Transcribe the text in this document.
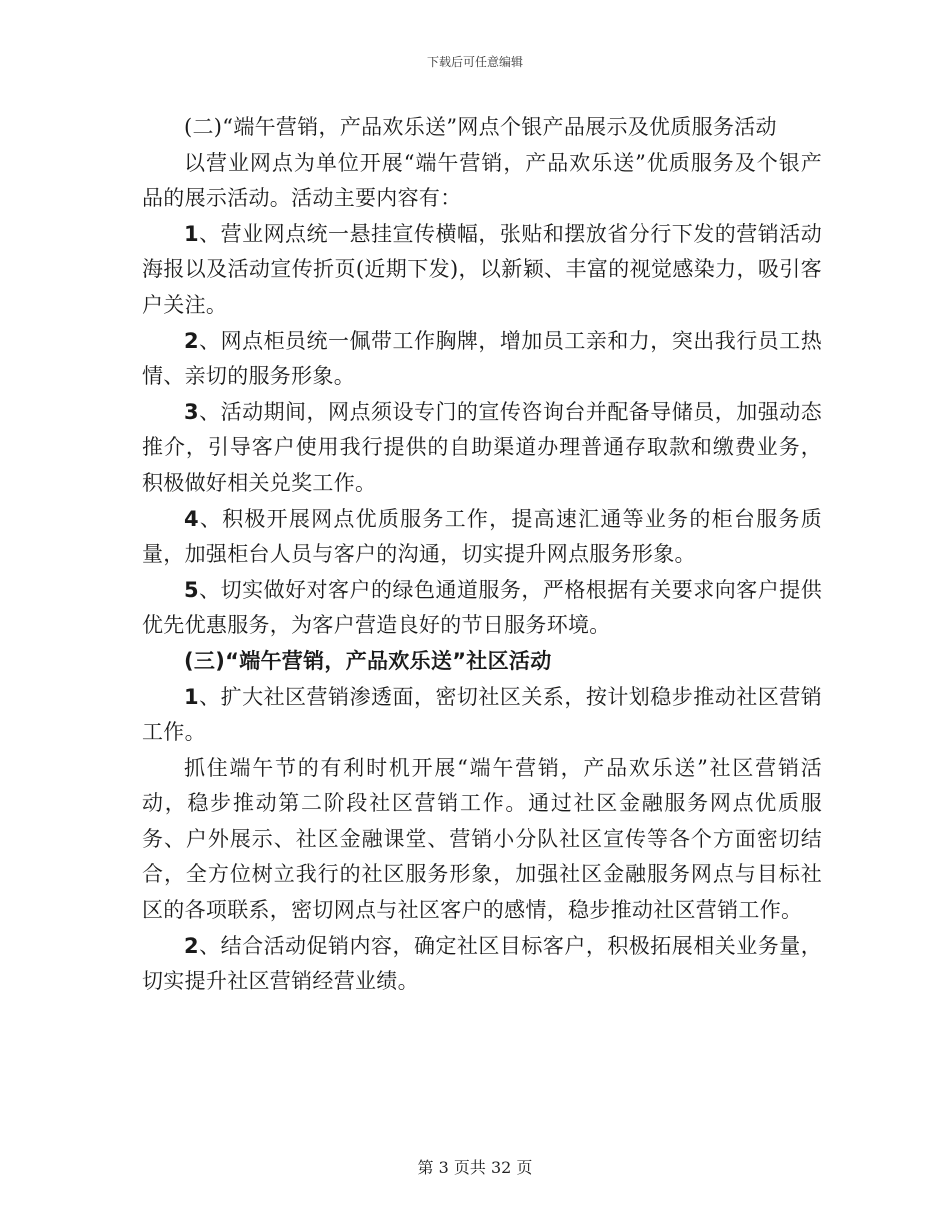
下载后可任意编辑

(二)“端午营销，产品欢乐送”网点个银产品展示及优质服务活动

以营业网点为单位开展“端午营销，产品欢乐送”优质服务及个银产品的展示活动。活动主要内容有：

1、营业网点统一悬挂宣传横幅，张贴和摆放省分行下发的营销活动海报以及活动宣传折页(近期下发)，以新颖、丰富的视觉感染力，吸引客户关注。

2、网点柜员统一佩带工作胸牌，增加员工亲和力，突出我行员工热情、亲切的服务形象。

3、活动期间，网点须设专门的宣传咨询台并配备导储员，加强动态推介，引导客户使用我行提供的自助渠道办理普通存取款和缴费业务，积极做好相关兑奖工作。

4、积极开展网点优质服务工作，提高速汇通等业务的柜台服务质量，加强柜台人员与客户的沟通，切实提升网点服务形象。

5、切实做好对客户的绿色通道服务，严格根据有关要求向客户提供优先优惠服务，为客户营造良好的节日服务环境。

(三)“端午营销，产品欢乐送”社区活动

1、扩大社区营销渗透面，密切社区关系，按计划稳步推动社区营销工作。

抓住端午节的有利时机开展“端午营销，产品欢乐送”社区营销活动，稳步推动第二阶段社区营销工作。通过社区金融服务网点优质服务、户外展示、社区金融课堂、营销小分队社区宣传等各个方面密切结合，全方位树立我行的社区服务形象，加强社区金融服务网点与目标社区的各项联系，密切网点与社区客户的感情，稳步推动社区营销工作。

2、结合活动促销内容，确定社区目标客户，积极拓展相关业务量，切实提升社区营销经营业绩。

第 3 页共 32 页
